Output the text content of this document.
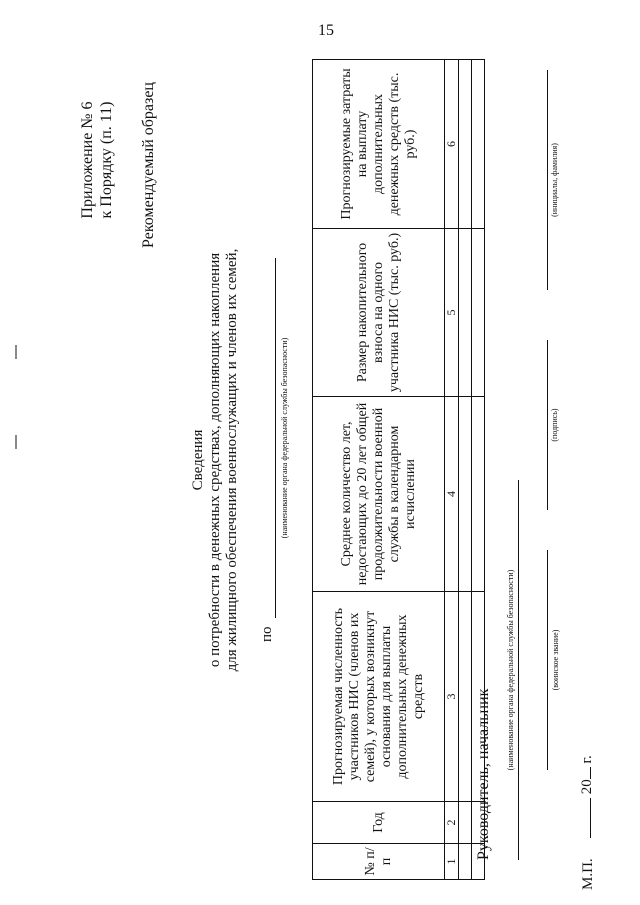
15
Приложение № 6 к Порядку (п. 11) Рекомендуемый образец
Сведения о потребности в денежных средствах, дополняющих накопления для жилищного обеспечения военнослужащих и членов их семей, по
(наименование органа федеральной службы безопасности)
№ п/п	Год	Прогнозируемая численность участников НИС (членов их семей), у которых возникнут основания для выплаты дополнительных денежных средств	Среднее количество лет, недостающих до 20 лет общей продолжительности военной службы в календарном исчислении	Размер накопительного взноса на одного участника НИС (тыс. руб.)	Прогнозируемые затраты на выплату дополнительных денежных средств (тыс. руб.)
1	2	3	4	5	6

Руководитель, начальник
(наименование органа федеральной службы безопасности)	(воинское звание)
(подпись)
(инициалы, фамилия)
20 г.
М.П.
